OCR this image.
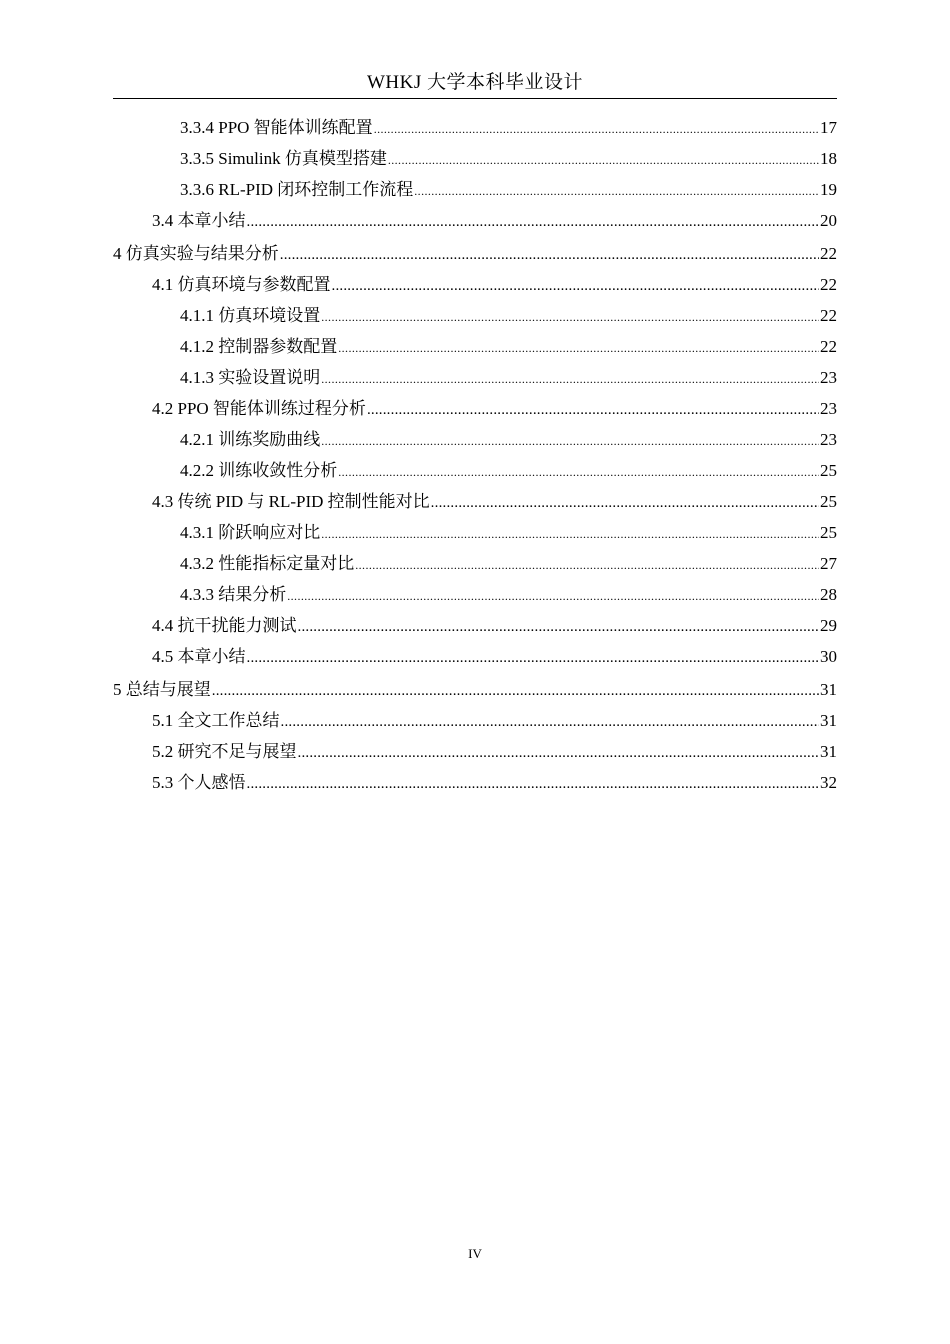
WHKJ 大学本科毕业设计
3.3.4 PPO 智能体训练配置 .....	17
3.3.5 Simulink 仿真模型搭建 .....	18
3.3.6 RL-PID 闭环控制工作流程 .....	19
3.4 本章小结 .....	20
4 仿真实验与结果分析 .....	22
4.1 仿真环境与参数配置 .....	22
4.1.1 仿真环境设置 .....	22
4.1.2 控制器参数配置 .....	22
4.1.3 实验设置说明 .....	23
4.2 PPO 智能体训练过程分析 .....	23
4.2.1 训练奖励曲线 .....	23
4.2.2 训练收敛性分析 .....	25
4.3 传统 PID 与 RL-PID 控制性能对比 .....	25
4.3.1 阶跃响应对比 .....	25
4.3.2 性能指标定量对比 .....	27
4.3.3 结果分析 .....	28
4.4 抗干扰能力测试 .....	29
4.5 本章小结 .....	30
5 总结与展望 .....	31
5.1 全文工作总结 .....	31
5.2 研究不足与展望 .....	31
5.3 个人感悟 .....	32
IV
